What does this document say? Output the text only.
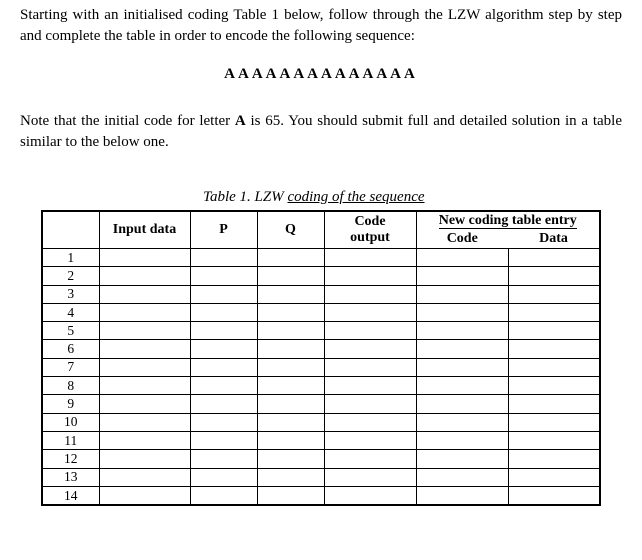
Starting with an initialised coding Table 1 below, follow through the LZW algorithm step by step and complete the table in order to encode the following sequence:

AAAAAAAAAAAAAA

Note that the initial code for letter A is 65. You should submit full and detailed solution in a table similar to the below one.

Table 1. LZW coding of the sequence
	Input data	P	Q	Code
output	New coding table entry	
					Code	Data
1						
2						
3						
4						
5						
6						
7						
8						
9						
10						
11						
12						
13						
14						
